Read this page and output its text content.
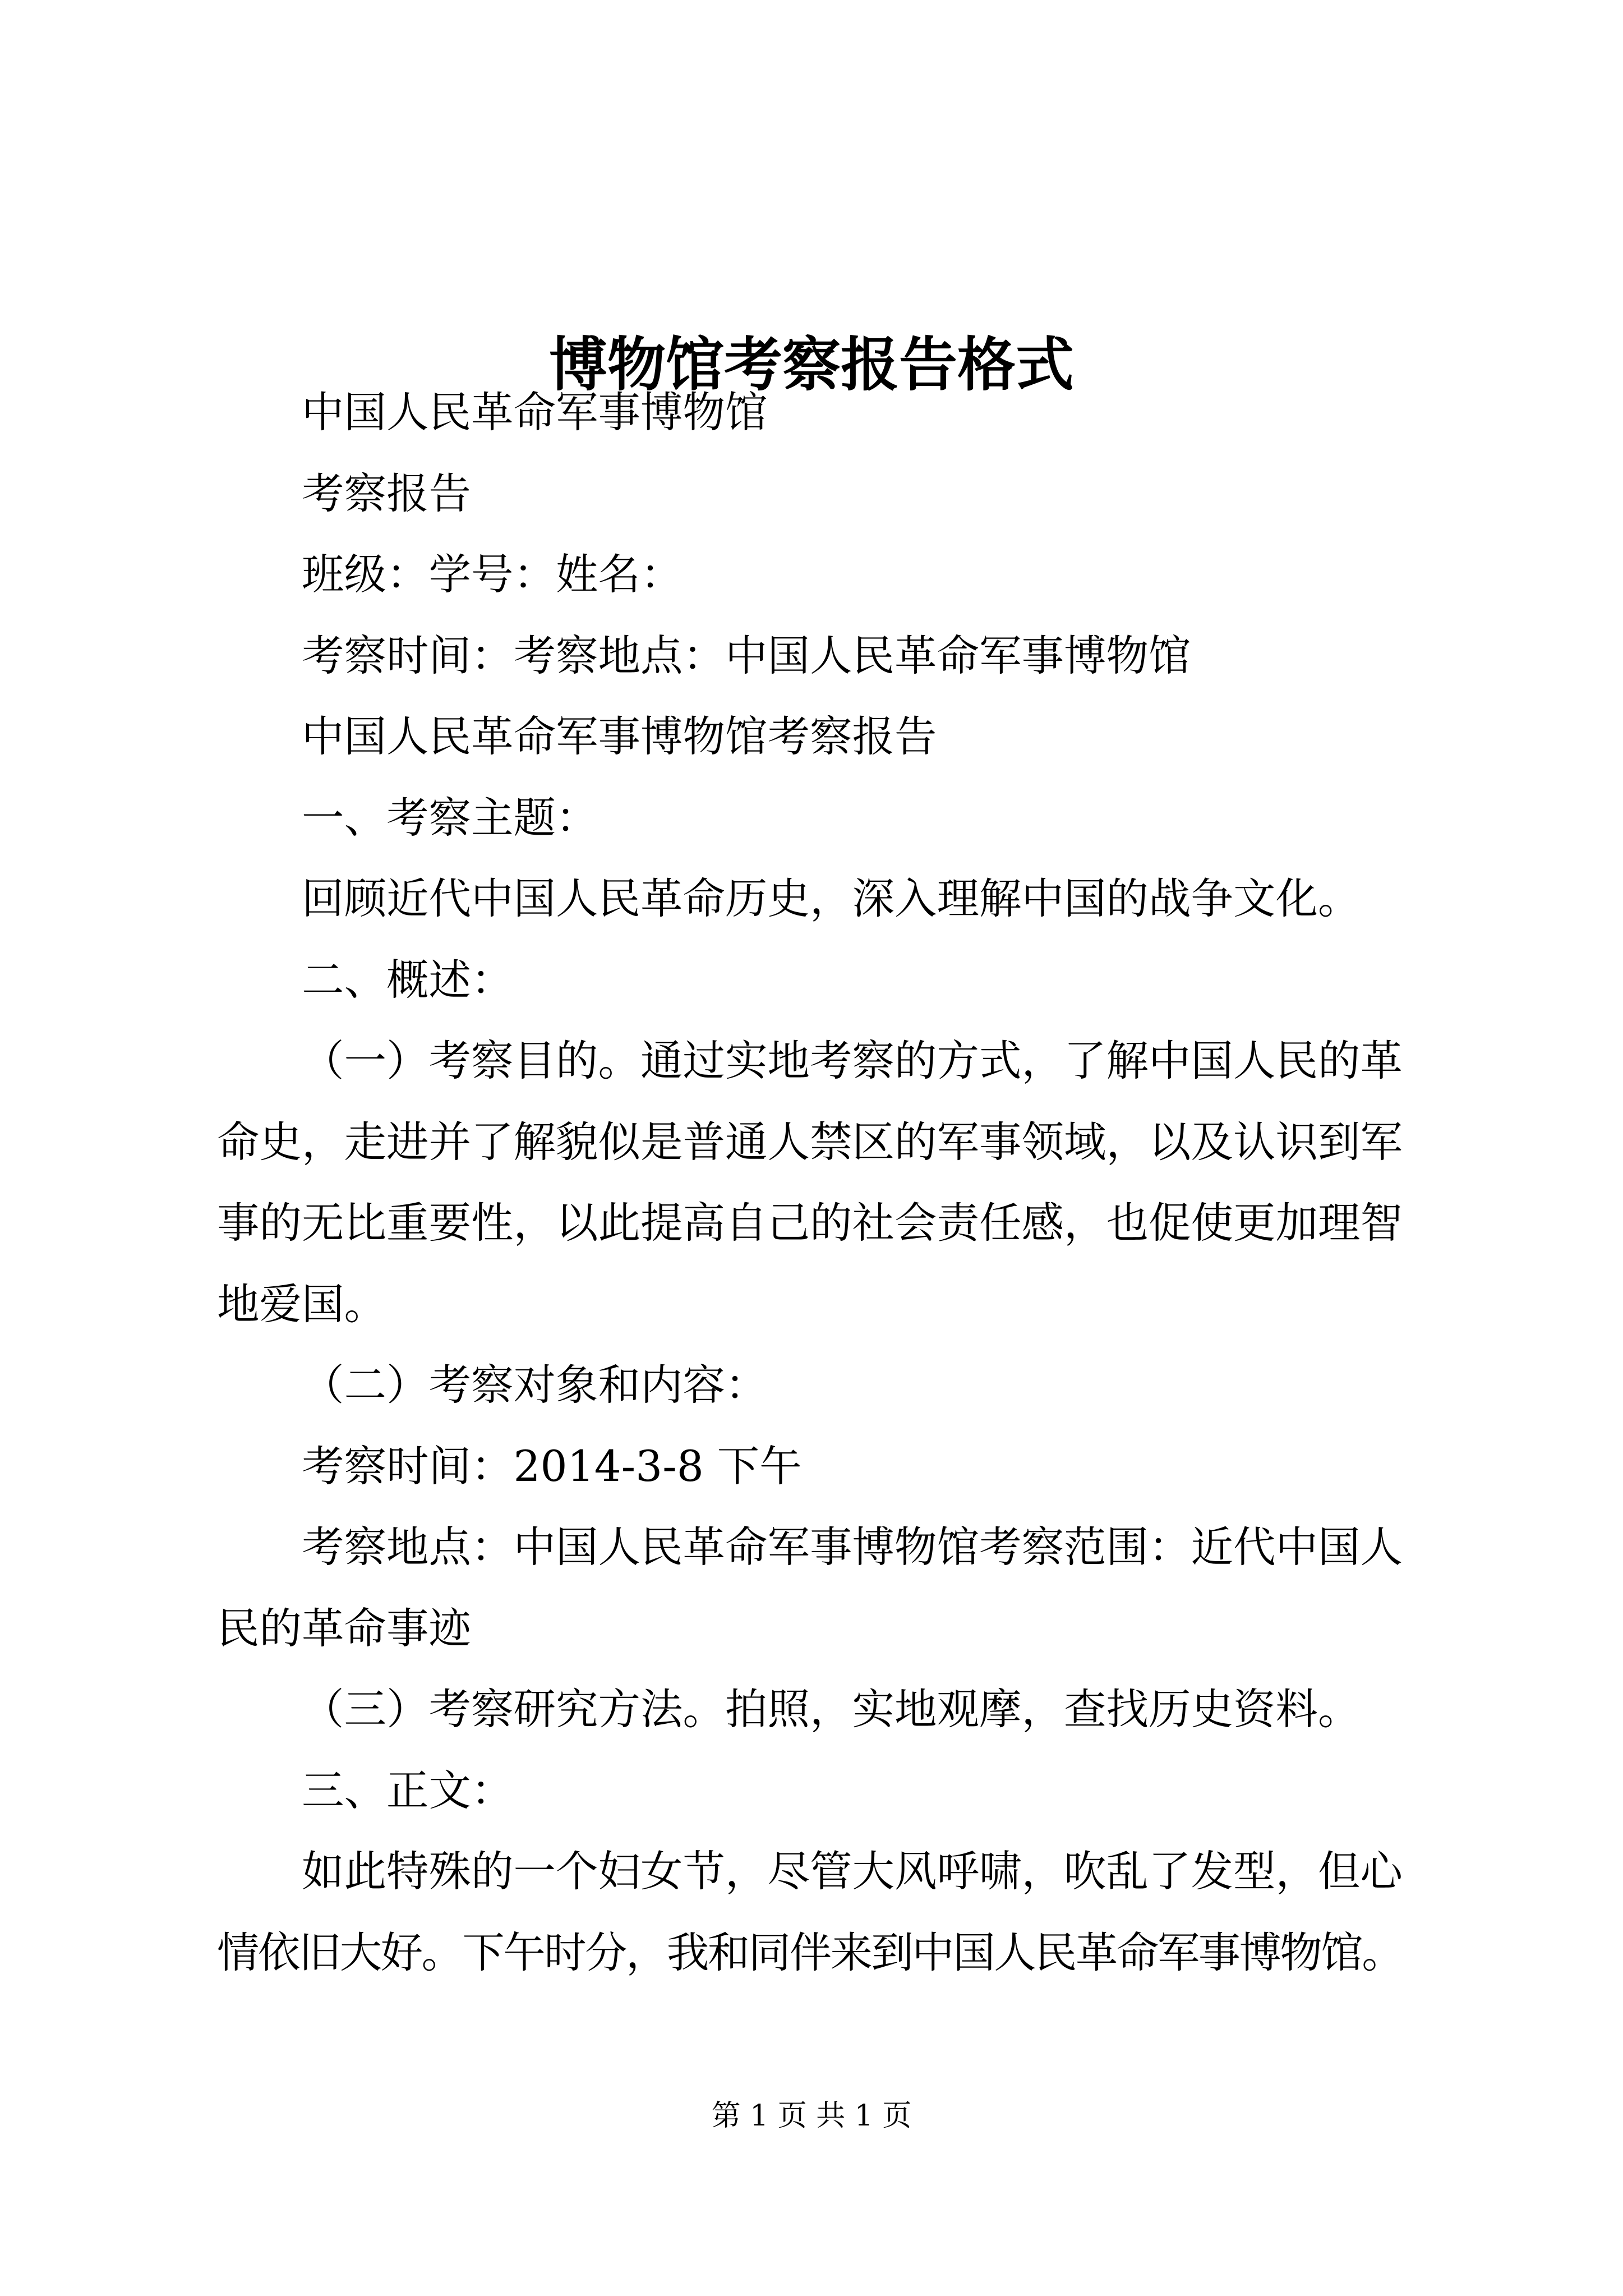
博物馆考察报告格式

中国人民革命军事博物馆

考察报告

班级：学号：姓名：

考察时间：考察地点：中国人民革命军事博物馆

中国人民革命军事博物馆考察报告

一、考察主题：

回顾近代中国人民革命历史，深入理解中国的战争文化。

二、概述：

（一）考察目的。通过实地考察的方式，了解中国人民的革
命史，走进并了解貌似是普通人禁区的军事领域，以及认识到军
事的无比重要性，以此提高自己的社会责任感，也促使更加理智
地爱国。

（二）考察对象和内容：

考察时间：2014-3-8 下午

考察地点：中国人民革命军事博物馆考察范围：近代中国人
民的革命事迹

（三）考察研究方法。拍照，实地观摩，查找历史资料。

三、正文：

如此特殊的一个妇女节，尽管大风呼啸，吹乱了发型，但心
情依旧大好。下午时分，我和同伴来到中国人民革命军事博物馆。

第 1 页 共 1 页
